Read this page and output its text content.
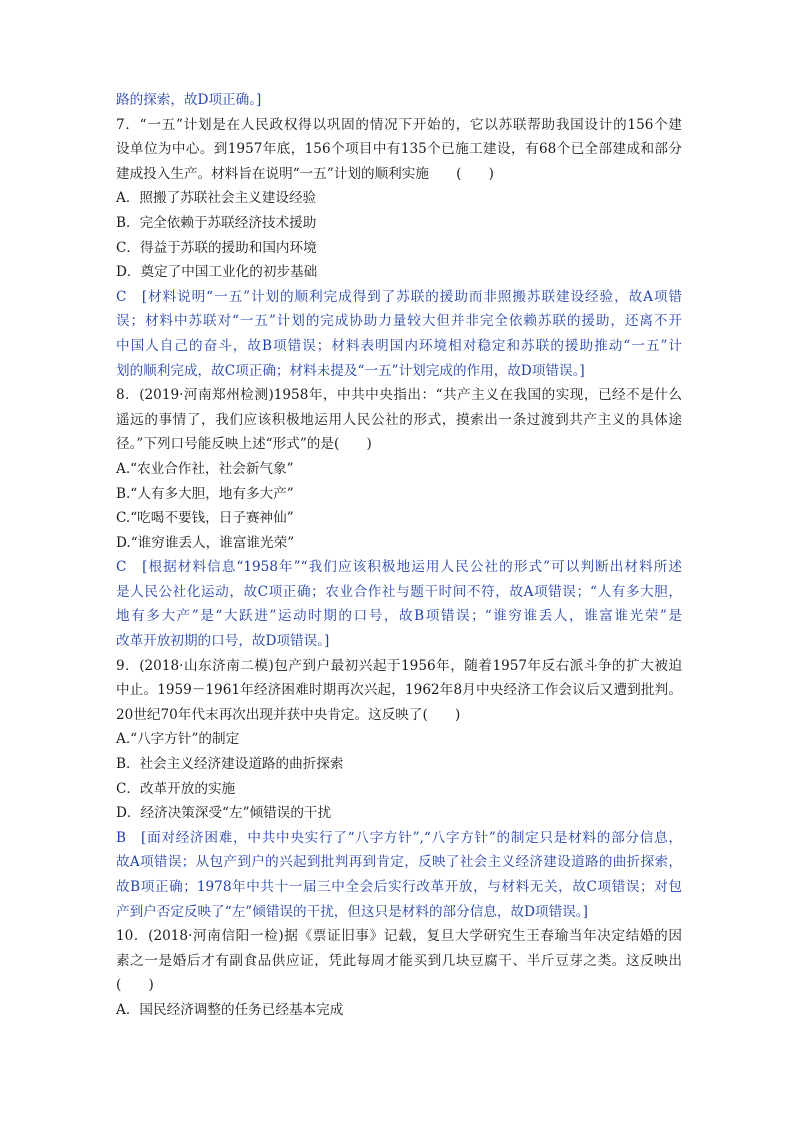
路的探索，故D项正确。]
7．“一五”计划是在人民政权得以巩固的情况下开始的，它以苏联帮助我国设计的156个建
设单位为中心。到1957年底，156个项目中有135个已施工建设，有68个已全部建成和部分
建成投入生产。材料旨在说明“一五”计划的顺利实施　　(　　)
A．照搬了苏联社会主义建设经验
B．完全依赖于苏联经济技术援助
C．得益于苏联的援助和国内环境
D．奠定了中国工业化的初步基础
C　[材料说明“一五”计划的顺利完成得到了苏联的援助而非照搬苏联建设经验，故A项错
误；材料中苏联对“一五”计划的完成协助力量较大但并非完全依赖苏联的援助，还离不开
中国人自己的奋斗，故B项错误；材料表明国内环境相对稳定和苏联的援助推动“一五”计
划的顺利完成，故C项正确；材料未提及“一五”计划完成的作用，故D项错误。]
8．(2019·河南郑州检测)1958年，中共中央指出：“共产主义在我国的实现，已经不是什么
遥远的事情了，我们应该积极地运用人民公社的形式，摸索出一条过渡到共产主义的具体途
径。”下列口号能反映上述“形式”的是(　　)
A.“农业合作社，社会新气象”
B.“人有多大胆，地有多大产”
C.“吃喝不要钱，日子赛神仙”
D.“谁穷谁丢人，谁富谁光荣”
C　[根据材料信息“1958年”“我们应该积极地运用人民公社的形式”可以判断出材料所述
是人民公社化运动，故C项正确；农业合作社与题干时间不符，故A项错误；“人有多大胆，
地有多大产”是“大跃进”运动时期的口号，故B项错误；“谁穷谁丢人，谁富谁光荣”是
改革开放初期的口号，故D项错误。]
9．(2018·山东济南二模)包产到户最初兴起于1956年，随着1957年反右派斗争的扩大被迫
中止。1959－1961年经济困难时期再次兴起，1962年8月中央经济工作会议后又遭到批判。
20世纪70年代末再次出现并获中央肯定。这反映了(　　)
A.“八字方针”的制定
B．社会主义经济建设道路的曲折探索
C．改革开放的实施
D．经济决策深受“左”倾错误的干扰
B　[面对经济困难，中共中央实行了“八字方针”,“八字方针”的制定只是材料的部分信息，
故A项错误；从包产到户的兴起到批判再到肯定，反映了社会主义经济建设道路的曲折探索，
故B项正确；1978年中共十一届三中全会后实行改革开放，与材料无关，故C项错误；对包
产到户否定反映了“左”倾错误的干扰，但这只是材料的部分信息，故D项错误。]
10．(2018·河南信阳一检)据《票证旧事》记载，复旦大学研究生王春瑜当年决定结婚的因
素之一是婚后才有副食品供应证，凭此每周才能买到几块豆腐干、半斤豆芽之类。这反映出
(　　)
A．国民经济调整的任务已经基本完成
